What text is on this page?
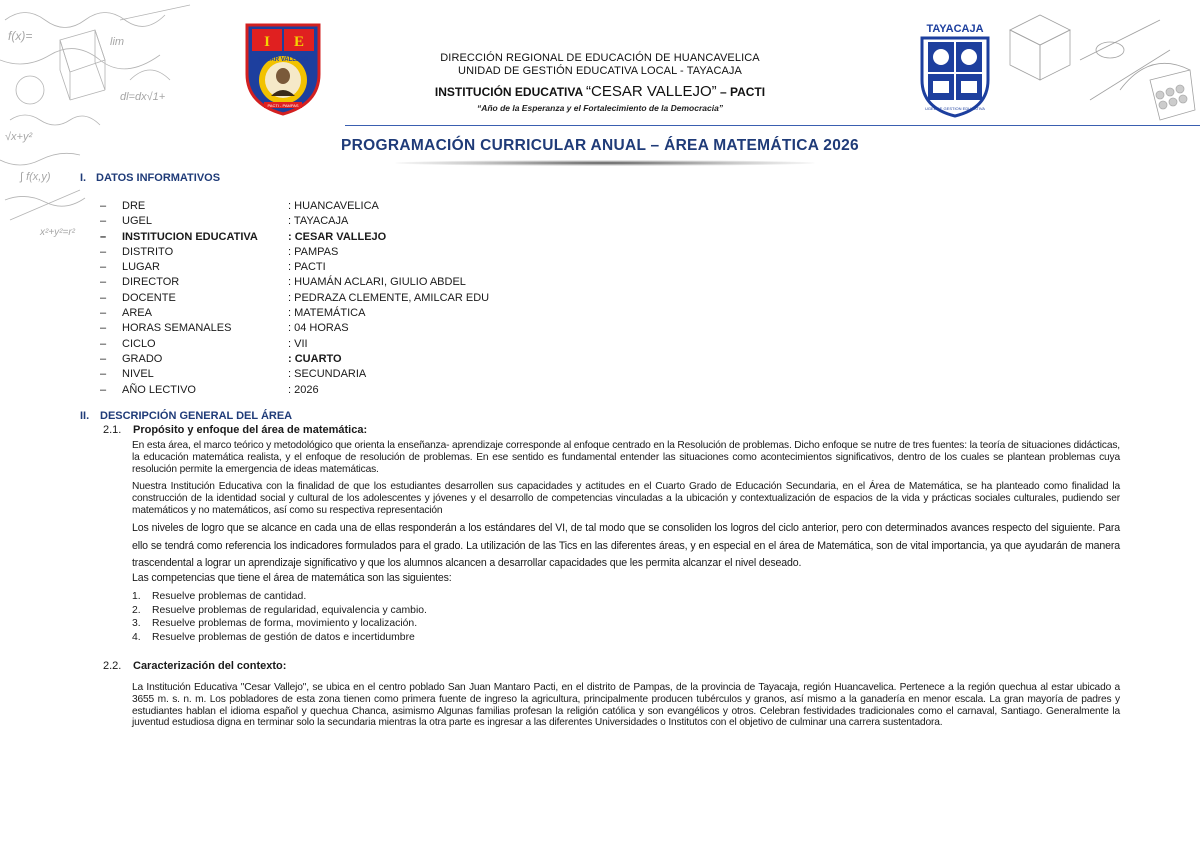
f(x)=	lim
dl=dx√1+
√x+y²
∫ f(x,y)
x²+y²=r²
I E
CESAR VALLEJO
PACTI - PAMPAS
DIRECCIÓN REGIONAL DE EDUCACIÓN DE HUANCAVELICA
UNIDAD DE GESTIÓN EDUCATIVA LOCAL - TAYACAJA
INSTITUCIÓN EDUCATIVA “CESAR VALLEJO” – PACTI
“Año de la Esperanza y el Fortalecimiento de la Democracia”
TAYACAJA
UGEL DE GESTION EDUCATIVA
PROGRAMACIÓN CURRICULAR ANUAL – ÁREA MATEMÁTICA 2026
I. DATOS INFORMATIVOS
–	DRE	: HUANCAVELICA
–	UGEL	: TAYACAJA
–	INSTITUCION EDUCATIVA	: CESAR VALLEJO
–	DISTRITO	: PAMPAS
–	LUGAR	: PACTI
–	DIRECTOR	: HUAMÁN ACLARI, GIULIO ABDEL
–	DOCENTE	: PEDRAZA CLEMENTE, AMILCAR EDU
–	AREA	: MATEMÁTICA
–	HORAS SEMANALES	: 04 HORAS
–	CICLO	: VII
–	GRADO	: CUARTO
–	NIVEL	: SECUNDARIA
–	AÑO LECTIVO	: 2026
II. DESCRIPCIÓN GENERAL DEL ÁREA
2.1. Propósito y enfoque del área de matemática:
En esta área, el marco teórico y metodológico que orienta la enseñanza- aprendizaje corresponde al enfoque centrado en la Resolución de problemas. Dicho enfoque se nutre de tres fuentes: la teoría de situaciones didácticas, la educación matemática realista, y el enfoque de resolución de problemas. En ese sentido es fundamental entender las situaciones como acontecimientos significativos, dentro de los cuales se plantean problemas cuya resolución permite la emergencia de ideas matemáticas.
Nuestra Institución Educativa con la finalidad de que los estudiantes desarrollen sus capacidades y actitudes en el Cuarto Grado de Educación Secundaria, en el Área de Matemática, se ha planteado como finalidad la construcción de la identidad social y cultural de los adolescentes y jóvenes y el desarrollo de competencias vinculadas a la ubicación y contextualización de espacios de la vida y prácticas sociales culturales, pudiendo ser matemáticos y no matemáticos, así como su respectiva representación
Los niveles de logro que se alcance en cada una de ellas responderán a los estándares del VI, de tal modo que se consoliden los logros del ciclo anterior, pero con determinados avances respecto del siguiente. Para ello se tendrá como referencia los indicadores formulados para el grado. La utilización de las Tics en las diferentes áreas, y en especial en el área de Matemática, son de vital importancia, ya que ayudarán de manera trascendental a lograr un aprendizaje significativo y que los alumnos alcancen a desarrollar capacidades que les permita alcanzar el nivel deseado.
Las competencias que tiene el área de matemática son las siguientes:
1. Resuelve problemas de cantidad.
2. Resuelve problemas de regularidad, equivalencia y cambio.
3. Resuelve problemas de forma, movimiento y localización.
4. Resuelve problemas de gestión de datos e incertidumbre
2.2. Caracterización del contexto:
La Institución Educativa "Cesar Vallejo", se ubica en el centro poblado San Juan Mantaro Pacti, en el distrito de Pampas, de la provincia de Tayacaja, región Huancavelica. Pertenece a la región quechua al estar ubicado a 3655 m. s. n. m. Los pobladores de esta zona tienen como primera fuente de ingreso la agricultura, principalmente producen tubérculos y granos, así mismo a la ganadería en menor escala. La gran mayoría de padres y estudiantes hablan el idioma español y quechua Chanca, asimismo Algunas familias profesan la religión católica y son evangélicos y otros. Celebran festividades tradicionales como el carnaval, Santiago. Generalmente la juventud estudiosa digna en terminar solo la secundaria mientras la otra parte es ingresar a las diferentes Universidades o Institutos con el objetivo de culminar una carrera sustentadora.
